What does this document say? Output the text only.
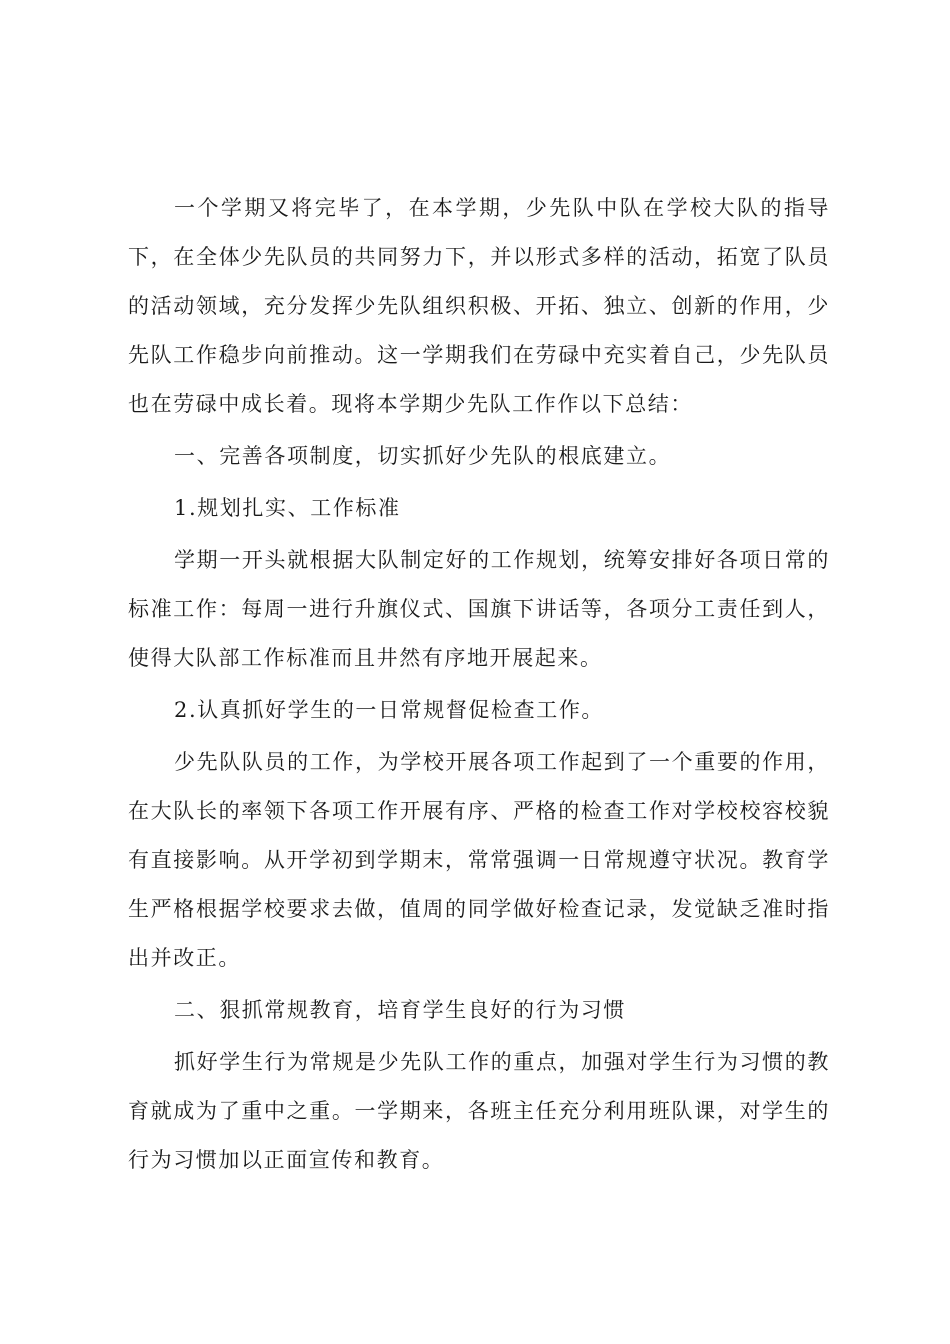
一个学期又将完毕了，在本学期，少先队中队在学校大队的指导下，在全体少先队员的共同努力下，并以形式多样的活动，拓宽了队员的活动领域，充分发挥少先队组织积极、开拓、独立、创新的作用，少先队工作稳步向前推动。这一学期我们在劳碌中充实着自己，少先队员也在劳碌中成长着。现将本学期少先队工作作以下总结：

一、完善各项制度，切实抓好少先队的根底建立。

1.规划扎实、工作标准

学期一开头就根据大队制定好的工作规划，统筹安排好各项日常的标准工作：每周一进行升旗仪式、国旗下讲话等，各项分工责任到人，使得大队部工作标准而且井然有序地开展起来。

2.认真抓好学生的一日常规督促检查工作。

少先队队员的工作，为学校开展各项工作起到了一个重要的作用，在大队长的率领下各项工作开展有序、严格的检查工作对学校校容校貌有直接影响。从开学初到学期末，常常强调一日常规遵守状况。教育学生严格根据学校要求去做，值周的同学做好检查记录，发觉缺乏准时指出并改正。

二、狠抓常规教育，培育学生良好的行为习惯

抓好学生行为常规是少先队工作的重点，加强对学生行为习惯的教育就成为了重中之重。一学期来，各班主任充分利用班队课，对学生的行为习惯加以正面宣传和教育。
